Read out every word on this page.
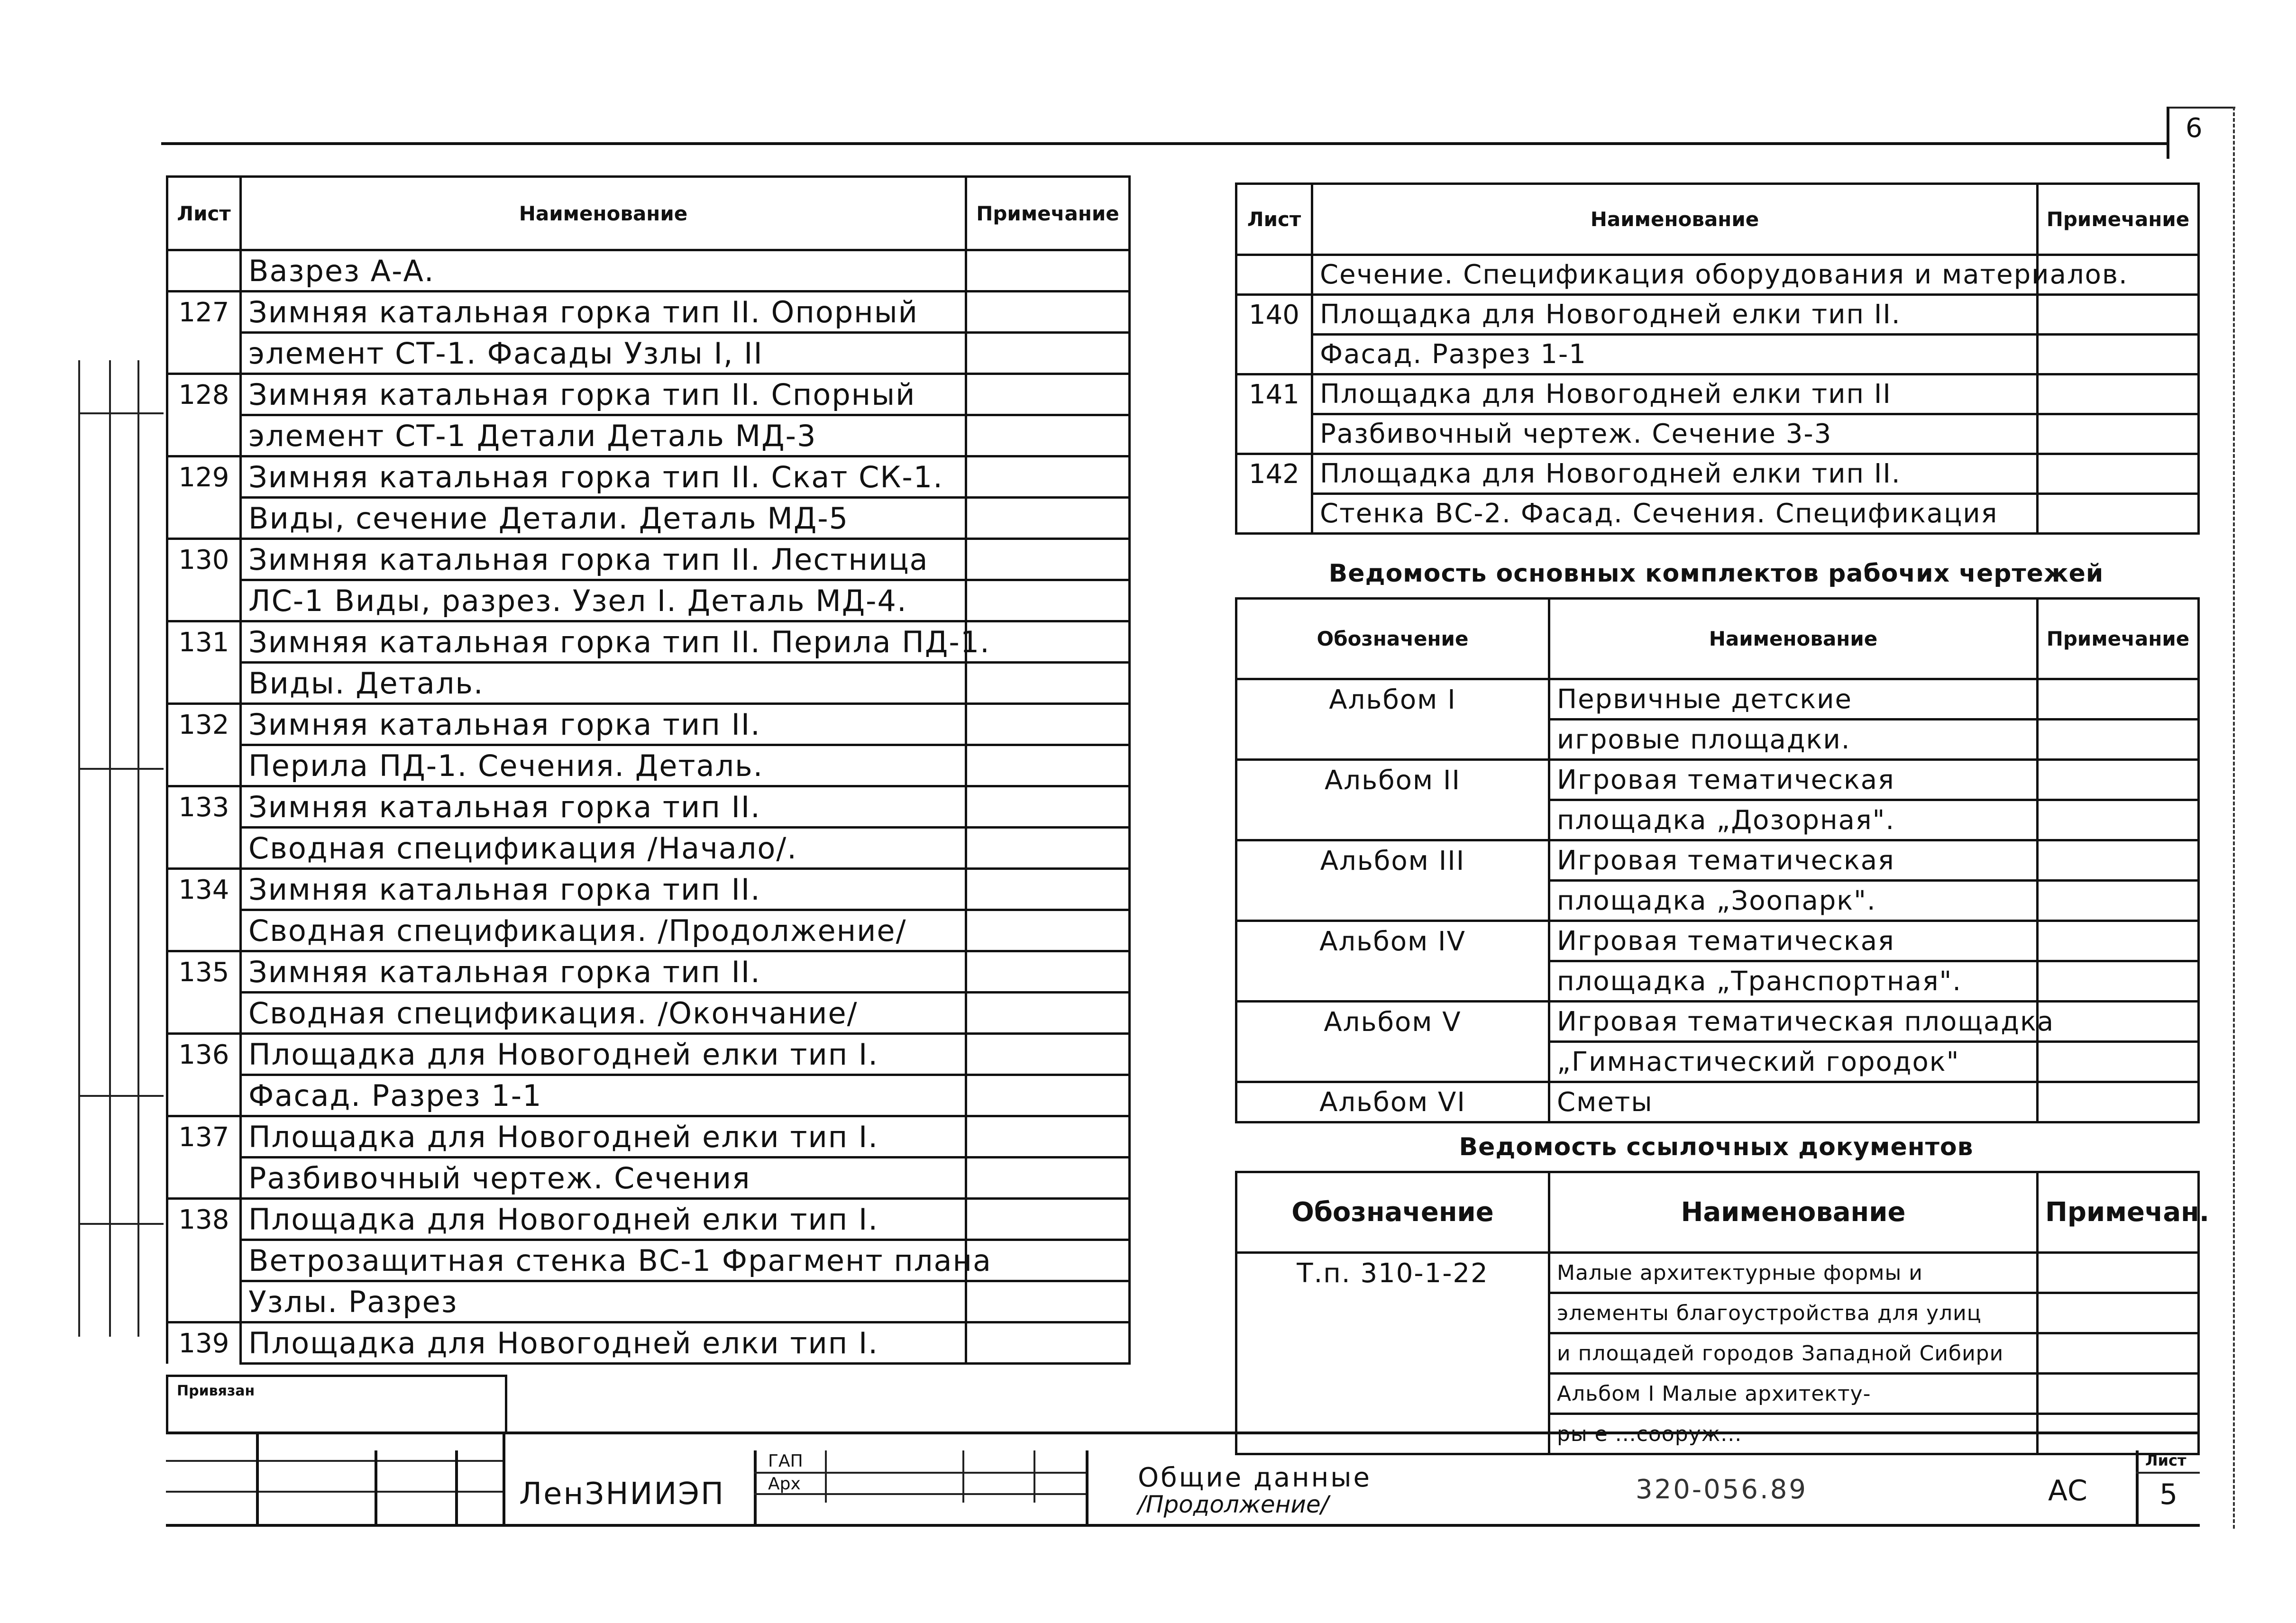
6
Лист	Наименование	Примечание
	Вазрез А-А.	
127	Зимняя катальная горка тип II. Опорный	
	элемент СТ-1. Фасады Узлы I, II	
128	Зимняя катальная горка тип II. Спорный	
	элемент СТ-1 Детали Деталь МД-3	
129	Зимняя катальная горка тип II. Скат СК-1.	
	Виды, сечение Детали. Деталь МД-5	
130	Зимняя катальная горка тип II. Лестница	
	ЛС-1 Виды, разрез. Узел I. Деталь МД-4.	
131	Зимняя катальная горка тип II. Перила ПД-1.	
	Виды. Деталь.	
132	Зимняя катальная горка тип II.	
	Перила ПД-1. Сечения. Деталь.	
133	Зимняя катальная горка тип II.	
	Сводная спецификация /Начало/.	
134	Зимняя катальная горка тип II.	
	Сводная спецификация. /Продолжение/	
135	Зимняя катальная горка тип II.	
	Сводная спецификация. /Окончание/	
136	Площадка для Новогодней елки тип I.	
	Фасад. Разрез 1-1	
137	Площадка для Новогодней елки тип I.	
	Разбивочный чертеж. Сечения	
138	Площадка для Новогодней елки тип I.	
	Ветрозащитная стенка ВС-1 Фрагмент плана	
	Узлы. Разрез	
139	Площадка для Новогодней елки тип I.	
Лист	Наименование	Примечание
	Сечение. Спецификация оборудования и материалов.	
140	Площадка для Новогодней елки тип II.	
	Фасад. Разрез 1-1	
141	Площадка для Новогодней елки тип II	
	Разбивочный чертеж. Сечение 3-3	
142	Площадка для Новогодней елки тип II.	
	Стенка ВС-2. Фасад. Сечения. Спецификация	
Ведомость основных комплектов рабочих чертежей
Обозначение	Наименование	Примечание
Альбом I	Первичные детские	
	игровые площадки.	
Альбом II	Игровая тематическая	
	площадка „Дозорная".	
Альбом III	Игровая тематическая	
	площадка „Зоопарк".	
Альбом IV	Игровая тематическая	
	площадка „Транспортная".	
Альбом V	Игровая тематическая площадка	
	„Гимнастический городок"	
Альбом VI	Сметы	
Ведомость ссылочных документов
Обозначение	Наименование	Примечан.
Т.п. 310-1-22	Малые архитектурные формы и	
	элементы благоустройства для улиц	
	и площадей городов Западной Сибири	
	Альбом I Малые архитекту-	
	ры е ...сооруж...	
Привязан
ЛенЗНИИЭП
ГАП
Арх	Общие данные
/Продолжение/	320-056.89	АС
Лист
5
